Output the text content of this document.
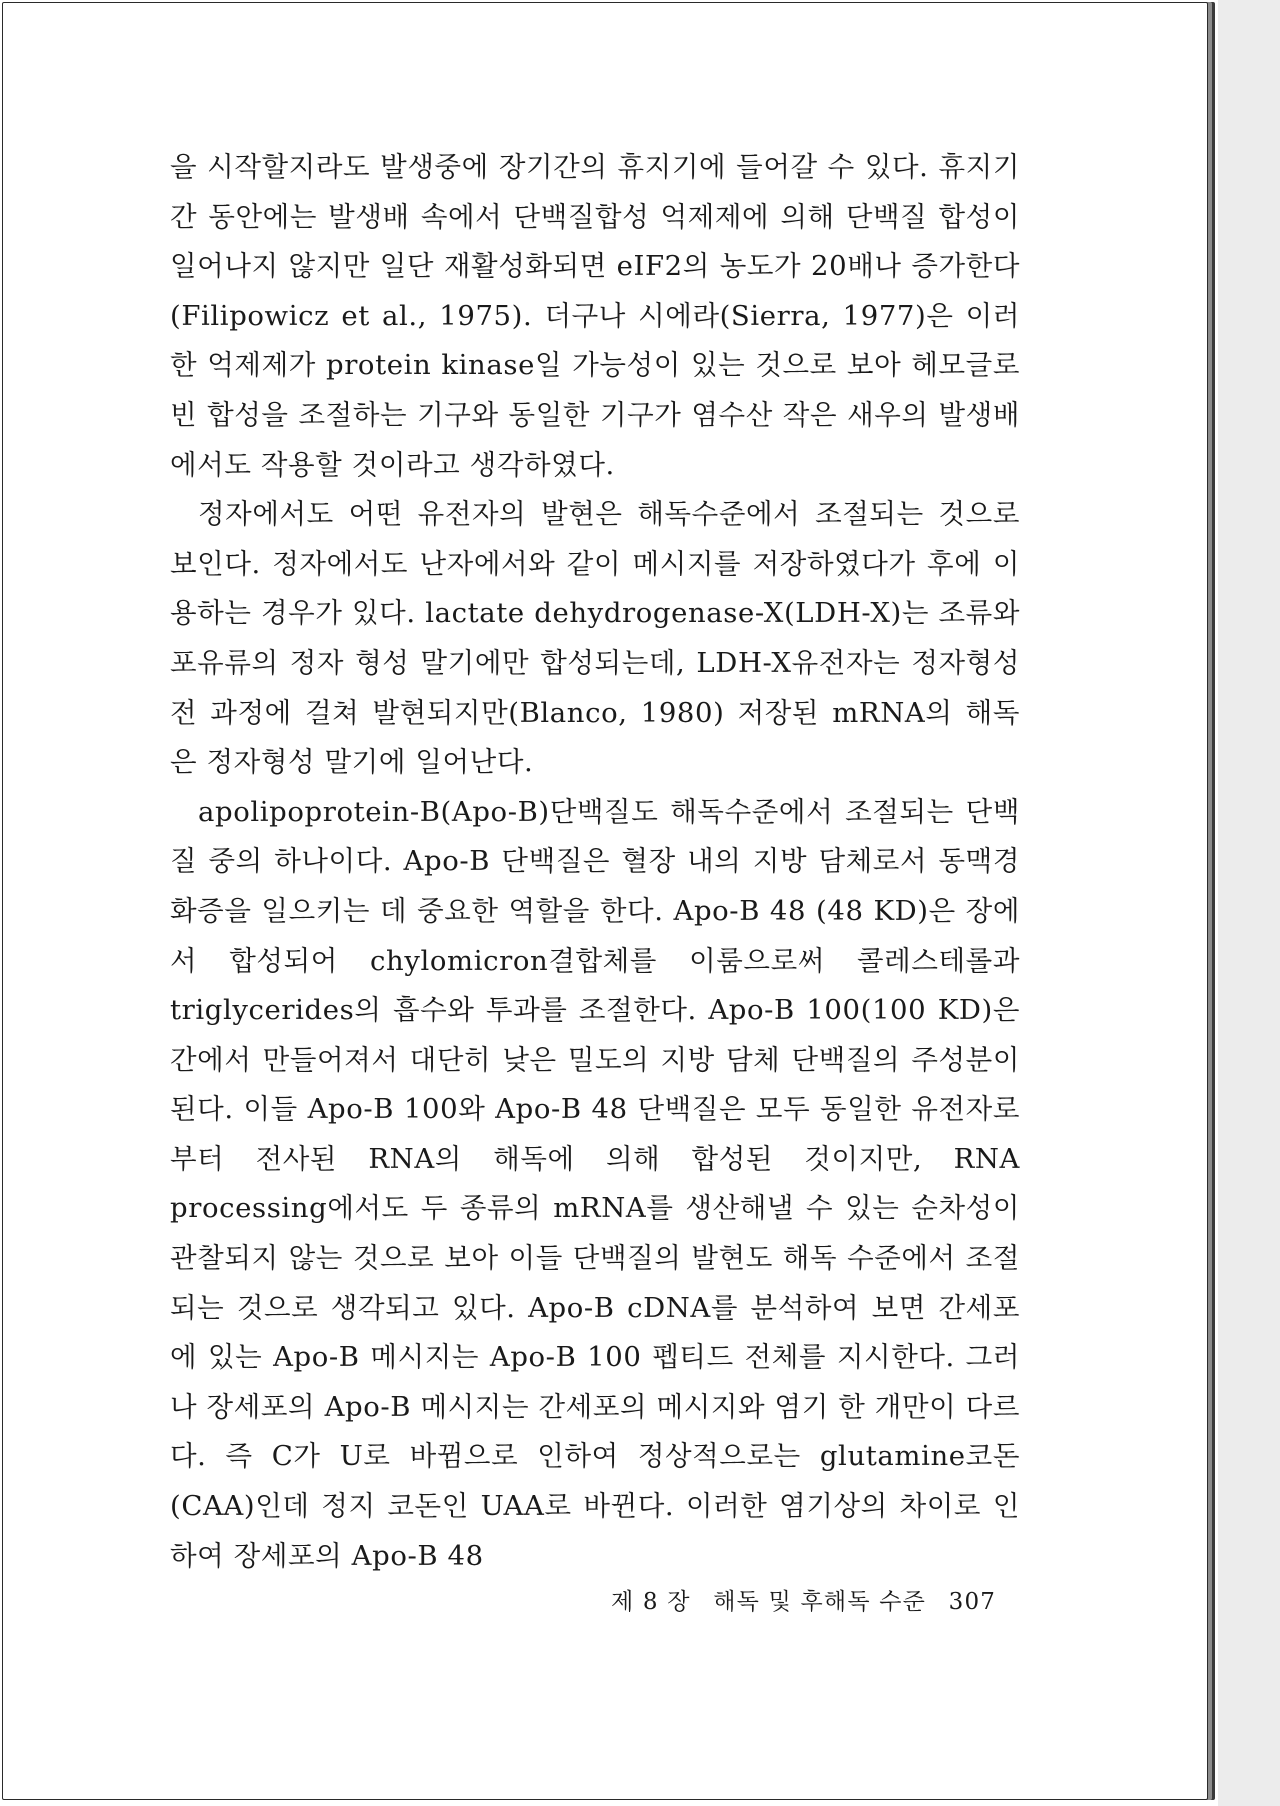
을 시작할지라도 발생중에 장기간의 휴지기에 들어갈 수 있다. 휴지기간 동안에는 발생배 속에서 단백질합성 억제제에 의해 단백질 합성이 일어나지 않지만 일단 재활성화되면 eIF2의 농도가 20배나 증가한다(Filipowicz et al., 1975). 더구나 시에라(Sierra, 1977)은 이러한 억제제가 protein kinase일 가능성이 있는 것으로 보아 헤모글로빈 합성을 조절하는 기구와 동일한 기구가 염수산 작은 새우의 발생배에서도 작용할 것이라고 생각하였다.

정자에서도 어떤 유전자의 발현은 해독수준에서 조절되는 것으로 보인다. 정자에서도 난자에서와 같이 메시지를 저장하였다가 후에 이용하는 경우가 있다. lactate dehydrogenase-X(LDH-X)는 조류와 포유류의 정자 형성 말기에만 합성되는데, LDH-X유전자는 정자형성 전 과정에 걸쳐 발현되지만(Blanco, 1980) 저장된 mRNA의 해독은 정자형성 말기에 일어난다.

apolipoprotein-B(Apo-B)단백질도 해독수준에서 조절되는 단백질 중의 하나이다. Apo-B 단백질은 혈장 내의 지방 담체로서 동맥경화증을 일으키는 데 중요한 역할을 한다. Apo-B 48 (48 KD)은 장에서 합성되어 chylomicron결합체를 이룸으로써 콜레스테롤과 triglycerides의 흡수와 투과를 조절한다. Apo-B 100(100 KD)은 간에서 만들어져서 대단히 낮은 밀도의 지방 담체 단백질의 주성분이 된다. 이들 Apo-B 100와 Apo-B 48 단백질은 모두 동일한 유전자로부터 전사된 RNA의 해독에 의해 합성된 것이지만, RNA processing에서도 두 종류의 mRNA를 생산해낼 수 있는 순차성이 관찰되지 않는 것으로 보아 이들 단백질의 발현도 해독 수준에서 조절되는 것으로 생각되고 있다. Apo-B cDNA를 분석하여 보면 간세포에 있는 Apo-B 메시지는 Apo-B 100 펩티드 전체를 지시한다. 그러나 장세포의 Apo-B 메시지는 간세포의 메시지와 염기 한 개만이 다르다. 즉 C가 U로 바뀜으로 인하여 정상적으로는 glutamine코돈(CAA)인데 정지 코돈인 UAA로 바뀐다. 이러한 염기상의 차이로 인하여 장세포의 Apo-B 48

제 8 장 해독 및 후해독 수준 307
